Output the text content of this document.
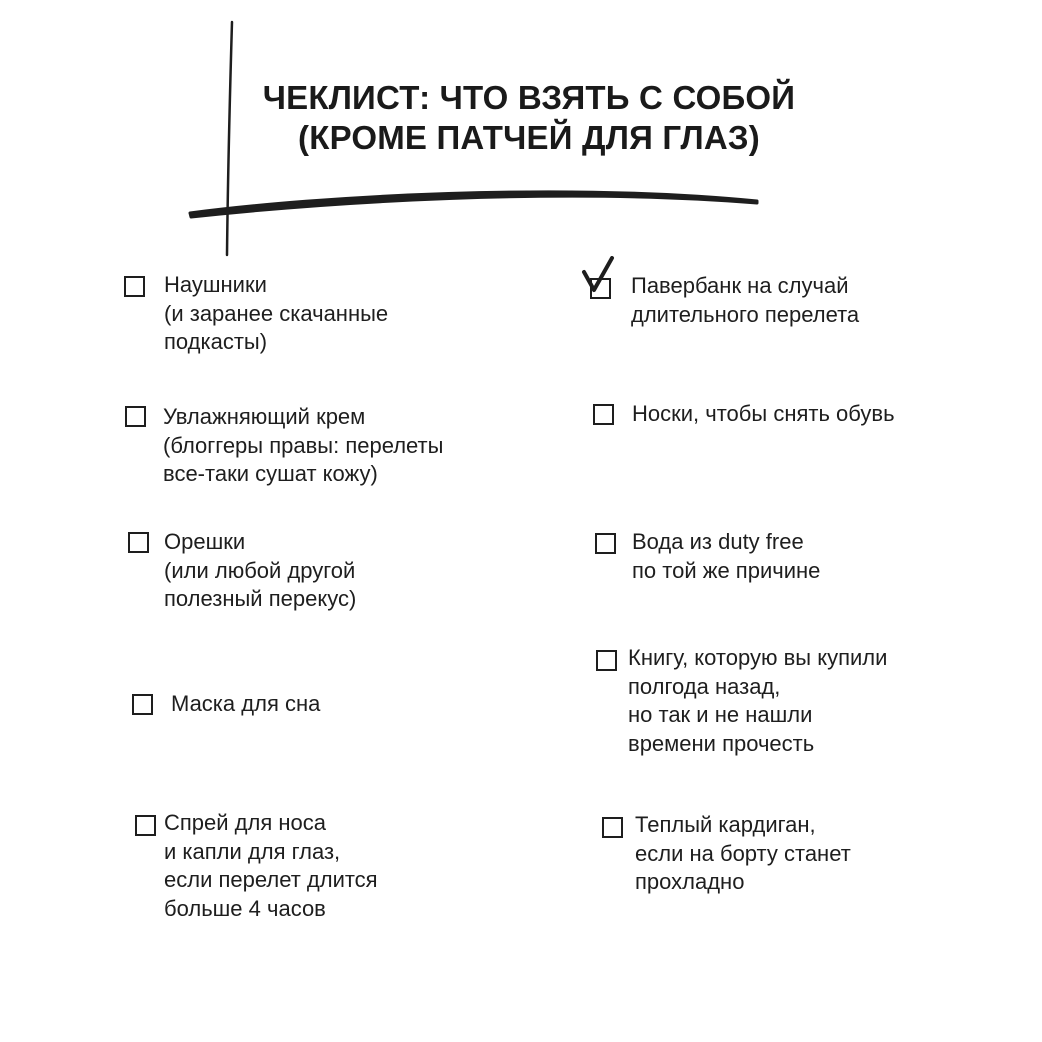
ЧЕКЛИСТ: ЧТО ВЗЯТЬ С СОБОЙ
(КРОМЕ ПАТЧЕЙ ДЛЯ ГЛАЗ)
Наушники
(и заранее скачанные
подкасты)
Увлажняющий крем
(блоггеры правы: перелеты
все-таки сушат кожу)
Орешки
(или любой другой
полезный перекус)
Маска для сна
Спрей для носа
и капли для глаз,
если перелет длится
больше 4 часов
Павербанк на случай
длительного перелета
Носки, чтобы снять обувь
Вода из duty free
по той же причине
Книгу, которую вы купили
полгода назад,
но так и не нашли
времени прочесть
Теплый кардиган,
если на борту станет
прохладно
